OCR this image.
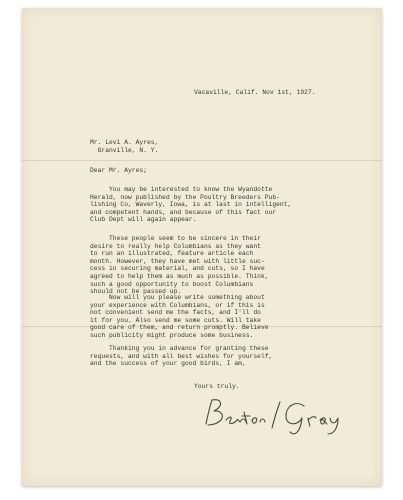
Vacaville, Calif. Nov 1st, 1927.
Mr. Levi A. Ayres,
Granville, N. Y.
Dear Mr. Ayres;
You may be interested to know the Wyandotte
Herald, now published by the Poultry Breeders Pub-
lishing Co, Waverly, Iowa, is at last in intelligent,
and competent hands, and because of this fact our
Club Dept will again appear.
These people seem to be sincere in their
desire to really help Columbians as they want
to run an illustrated, feature article each
month. However, they have met with little suc-
cess in securing material, and cuts, so I have
agreed to help them as much as possible. Think,
such a good opportunity to boost Columbians
should not be passed up.
Now will you please write something about
your experience with Columbians, or if this is
not convenient send me the facts, and I'll do
it for you. Also send me some cuts. Will take
good care of them, and return promptly. Believe
such publicity might produce some business.
Thanking you in advance for granting these
requests, and with all best wishes for yourself,
and the success of your good birds, I am,
Yours truly.
